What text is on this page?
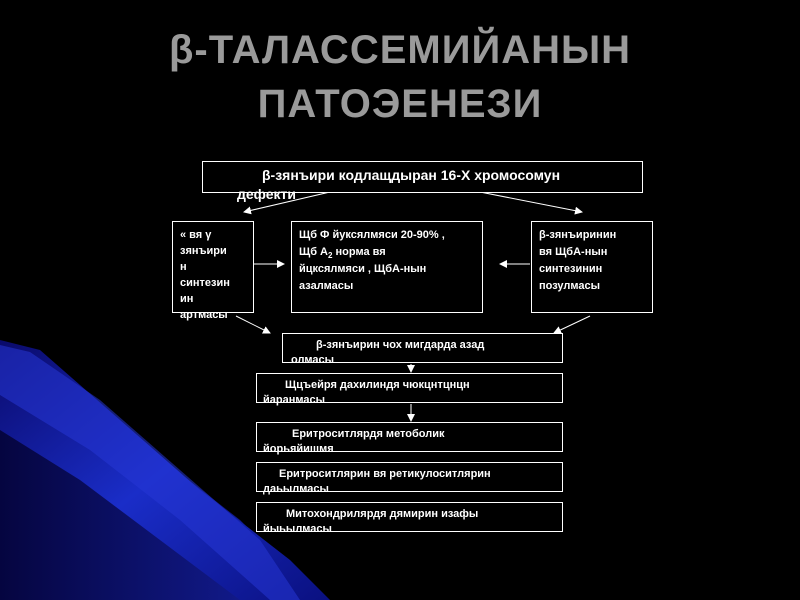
β-ТАЛАССЕМИЙАНЫН
ПАТОЭЕНЕЗИ
β-зянъири кодлащдыран 16-Х хромосомун
дефекти
« вя γ
зянъири
н
синтезин
ин
артмасы
Щб Ф йуксялмяси 20-90% ,
Щб $А_2$ норма вя
йцксялмяси , ЩбА-нын
азалмасы
β-зянъиринин
вя ЩбА-нын
синтезинин
позулмасы
β-зянъирин чох мигдарда азад
олмасы
Щцъейря дахилиндя чюкцнтцнцн
йаранмасы
Еритроситлярдя метоболик
йорьяйишмя
Еритроситлярин вя ретикулоситлярин
даьылмасы
Митохондрилярдя дямирин изафы
йыьылмасы
